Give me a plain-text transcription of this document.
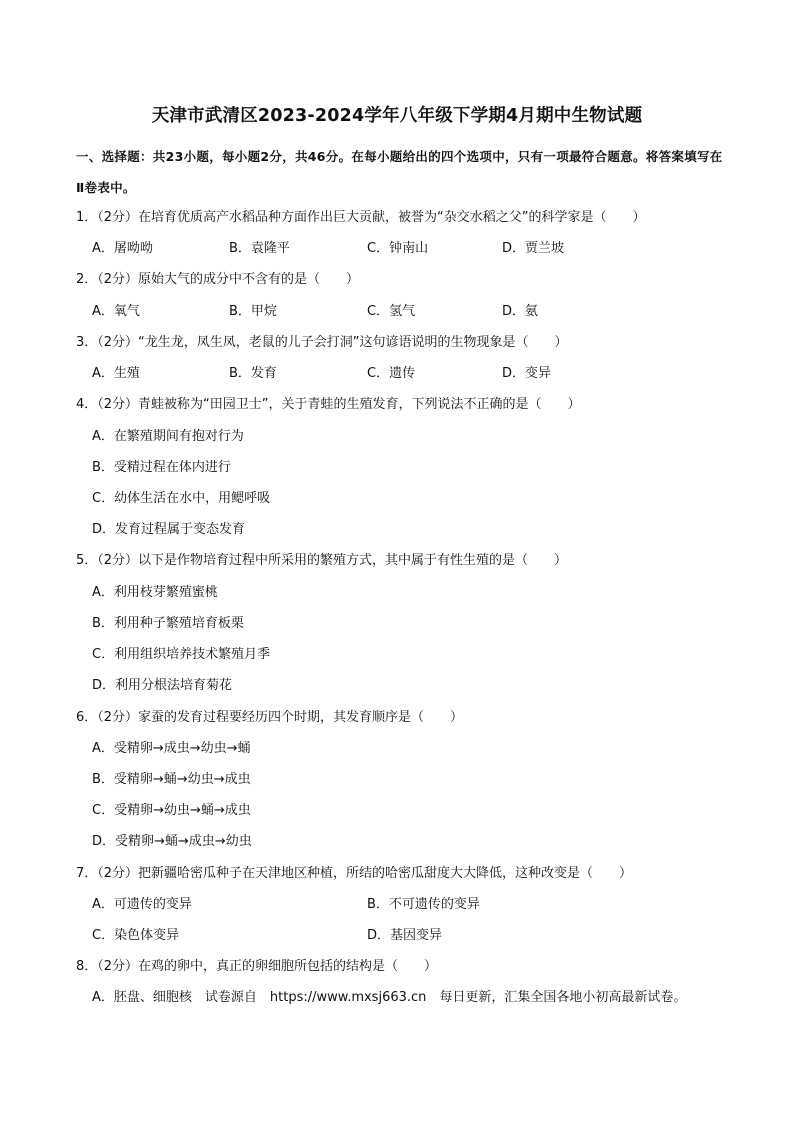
天津市武清区2023-2024学年八年级下学期4月期中生物试题
一、选择题：共23小题，每小题2分，共46分。在每小题给出的四个选项中，只有一项最符合题意。将答案填写在Ⅱ卷表中。
1．（2分）在培育优质高产水稻品种方面作出巨大贡献，被誉为“杂交水稻之父”的科学家是（　　）
A．屠呦呦	B．袁隆平	C．钟南山	D．贾兰坡
2．（2分）原始大气的成分中不含有的是（　　）
A．氧气	B．甲烷	C．氢气	D．氨
3．（2分）“龙生龙，凤生凤，老鼠的儿子会打洞”这句谚语说明的生物现象是（　　）
A．生殖	B．发育	C．遗传	D．变异
4．（2分）青蛙被称为“田园卫士”，关于青蛙的生殖发育，下列说法不正确的是（　　）
A．在繁殖期间有抱对行为
B．受精过程在体内进行
C．幼体生活在水中，用鳃呼吸
D．发育过程属于变态发育
5．（2分）以下是作物培育过程中所采用的繁殖方式，其中属于有性生殖的是（　　）
A．利用枝芽繁殖蜜桃
B．利用种子繁殖培育板栗
C．利用组织培养技术繁殖月季
D．利用分根法培育菊花
6．（2分）家蚕的发育过程要经历四个时期，其发育顺序是（　　）
A．受精卵→成虫→幼虫→蛹
B．受精卵→蛹→幼虫→成虫
C．受精卵→幼虫→蛹→成虫
D．受精卵→蛹→成虫→幼虫
7．（2分）把新疆哈密瓜种子在天津地区种植，所结的哈密瓜甜度大大降低，这种改变是（　　）
A．可遗传的变异	B．不可遗传的变异
C．染色体变异	D．基因变异
8．（2分）在鸡的卵中，真正的卵细胞所包括的结构是（　　）
A．胚盘、细胞核　试卷源自　https://www.mxsj663.cn　每日更新，汇集全国各地小初高最新试卷。
